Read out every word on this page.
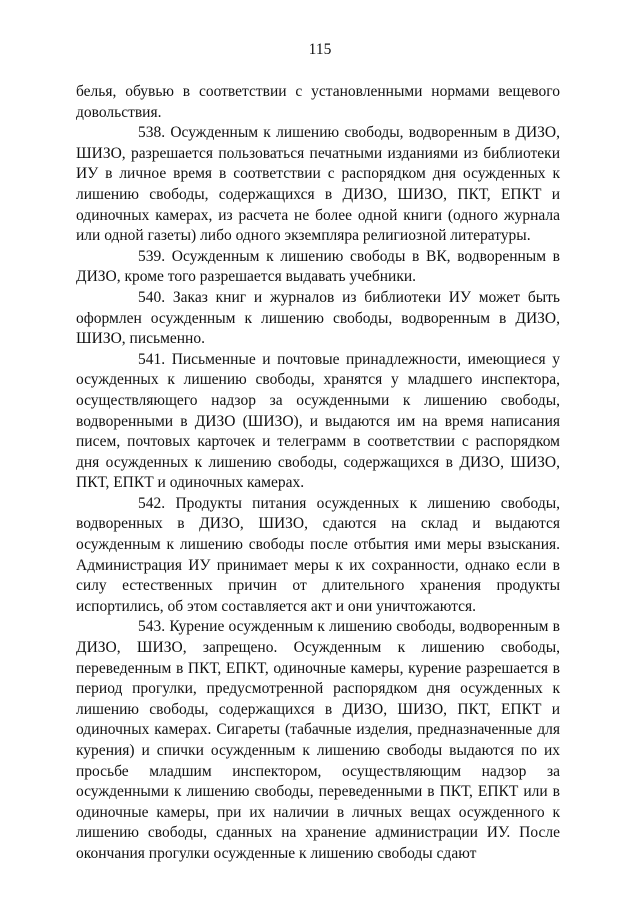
115

белья, обувью в соответствии с установленными нормами вещевого довольствия.

538. Осужденным к лишению свободы, водворенным в ДИЗО, ШИЗО, разрешается пользоваться печатными изданиями из библиотеки ИУ в личное время в соответствии с распорядком дня осужденных к лишению свободы, содержащихся в ДИЗО, ШИЗО, ПКТ, ЕПКТ и одиночных камерах, из расчета не более одной книги (одного журнала или одной газеты) либо одного экземпляра религиозной литературы.

539. Осужденным к лишению свободы в ВК, водворенным в ДИЗО, кроме того разрешается выдавать учебники.

540. Заказ книг и журналов из библиотеки ИУ может быть оформлен осужденным к лишению свободы, водворенным в ДИЗО, ШИЗО, письменно.

541. Письменные и почтовые принадлежности, имеющиеся у осужденных к лишению свободы, хранятся у младшего инспектора, осуществляющего надзор за осужденными к лишению свободы, водворенными в ДИЗО (ШИЗО), и выдаются им на время написания писем, почтовых карточек и телеграмм в соответствии с распорядком дня осужденных к лишению свободы, содержащихся в ДИЗО, ШИЗО, ПКТ, ЕПКТ и одиночных камерах.

542. Продукты питания осужденных к лишению свободы, водворенных в ДИЗО, ШИЗО, сдаются на склад и выдаются осужденным к лишению свободы после отбытия ими меры взыскания. Администрация ИУ принимает меры к их сохранности, однако если в силу естественных причин от длительного хранения продукты испортились, об этом составляется акт и они уничтожаются.

543. Курение осужденным к лишению свободы, водворенным в ДИЗО, ШИЗО, запрещено. Осужденным к лишению свободы, переведенным в ПКТ, ЕПКТ, одиночные камеры, курение разрешается в период прогулки, предусмотренной распорядком дня осужденных к лишению свободы, содержащихся в ДИЗО, ШИЗО, ПКТ, ЕПКТ и одиночных камерах. Сигареты (табачные изделия, предназначенные для курения) и спички осужденным к лишению свободы выдаются по их просьбе младшим инспектором, осуществляющим надзор за осужденными к лишению свободы, переведенными в ПКТ, ЕПКТ или в одиночные камеры, при их наличии в личных вещах осужденного к лишению свободы, сданных на хранение администрации ИУ. После окончания прогулки осужденные к лишению свободы сдают
